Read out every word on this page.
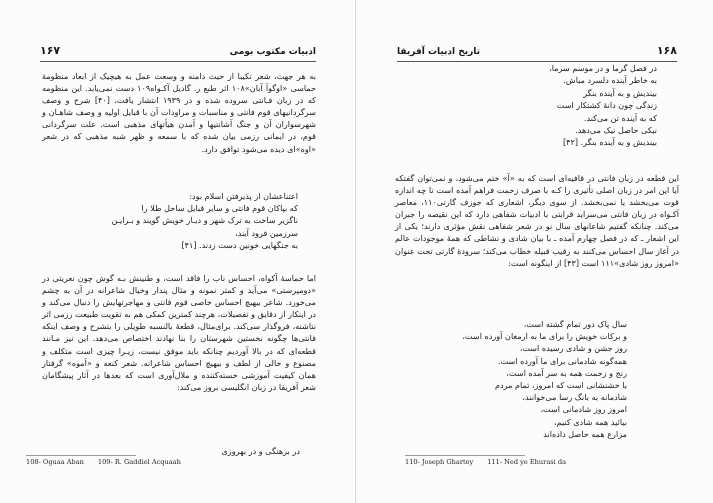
ادبیات مکتوب بومی
۱۶۷

به هر جهت، شعر تکیبا از حیث دامنه و وسعت عمل به هیچیک از ابعاد منظومهٔ حماسی «اوگوآ آبان»۱۰۸ اثر طبع ر. گادیل آکـواه۱۰۹ دست نمی‌یابد. این منظومه که در زبان فـانتی سروده شده و در ۱۹۳۹ انتشار یافت، [۴۰] شرح و وصف سرگردانیهای قوم فانتی و مناسبات و مراودات آن با قبایل اولیه و وصف شاهـان و شهرسواران آن و جنگ آشانتیها و آمدن هیأتهای مذهبی است. علت سرگردانی قوم، در ایمانی رزمی بیان شده که با سمعه و ظهر شبه مذهبی که در شعر «اوه»ای دیده می‌شود توافق دارد.

اعتناعشان از پذیرفتن اسلام بود:
که بپاکان قوم فانتی و سایر قبایل ساحل طلا را
ناگزیر ساخت به ترک شهر و دیـار خویش گویند و بـرایـن
سرزمین فرود آیند،
به جنگهایی خونین دست زدند. [۴۱]

اما حماسهٔ آکواه، احساس ناب را فاقد است، و طنینش بـه گوش چون نعریتی در «دومپرستی» می‌آید و کمتر نمونه و مثال پندار وخیال شاعرانه در آن به چشم می‌خورد. شاعر بیهیچ احساس خاصی قوم فانتی و مهاجرتهایش را دنبال می‌کند و در اینکار از دقایق و تفصیلات، هرچند کمترین کمکی هم به تقویت طبیعت رزمی اثر نتاشنه، فروگذار سی‌کند. برای‌مثال، قطعهٔ بالنسبه طویلی را بتشرح و وصف اینکه فانتی‌ها چگونه نخستین شهرستان را بنا نهادند اختصاص می‌دهد. این نیز مـانند قطعه‌ای که در بالا آوردیم چنانکه باید موفق نیست، زیـرا چیزی است متکلف و مصنوع و خالی از لطف و بیهیچ احساس شاعرانه. شعر کنعه و «آموه» گرفتار همان کیفیت آموزشی خسته‌کننده و ملال‌آوری است که بعدها در آثار پیشگامان شعر آفریقا در زبان انگلیسی بروز می‌کند:

در برهنگی و در بهروزی
108- Oguaa Aban 109- R. Gaddiel Acquaah
۱۶۸
تاریخ ادبیات آفریقا
در فصل گرما و در موسم سرما،
به خاطر آینده دلسرد مباش.
بیندیش و به آینده بنگر
زندگی چون دانهٔ کشتکار است
که به آینده تن می‌کند.
نیکی حاصل نیک می‌دهد.
بیندیش و به آینده بنگر. [۴۲]

این قطعه در زبان فانتی در قافیه‌ای است که به «آ» ختم می‌شود، و نمی‌توان گفتکه آیا این امر در زبان اصلی تأثیری را کـه با صرف زحمت فراهم آمده است تا چه اندازه قوت می‌بخشد یا نمی‌بخشد. از سوی دیگر، اشعاری که جوزف گارتی۱۱۰، معاصر آکـواه در زبان فانتی می‌سراید قرابتی با ادبیات شفاهی دارد که این نقیصه را جبران می‌کند. چنانکه گفتیم شاعانهای سال نو در شعر شفاهی نقش مؤثری دارند؛ یکی از این اشعار ـ که در فصل چهارم آمده ـ با بیان شادی و نشاطی که همهٔ موجودات عالم در آغاز سال احساس می‌کنند به رقیب قبیله خطاب می‌کند؛ سرودهٔ گارتی تحت عنوان «امروز روز شادی»۱۱۱ است [۴۳] از اینگونه است:

سال پاک دور تمام گشته است،
و برکات خویش را برای ما به ارمغان آورده است،
روز جشن و شادی رسیده است،
همه‌گونه شادمانی برای ما آورده است.
رنج و زحمت همه به سر آمده است،
با خشنشانی است که امروز، تمام مردم
شادمانه به بانگ رسا می‌خوانند،
امروز روز شادمانی است،
بیائید همه شادی کنیم،
مزارع همه حاصل داده‌اند
110- Joseph Ghartey 111- Ned ye Ehurasi da
